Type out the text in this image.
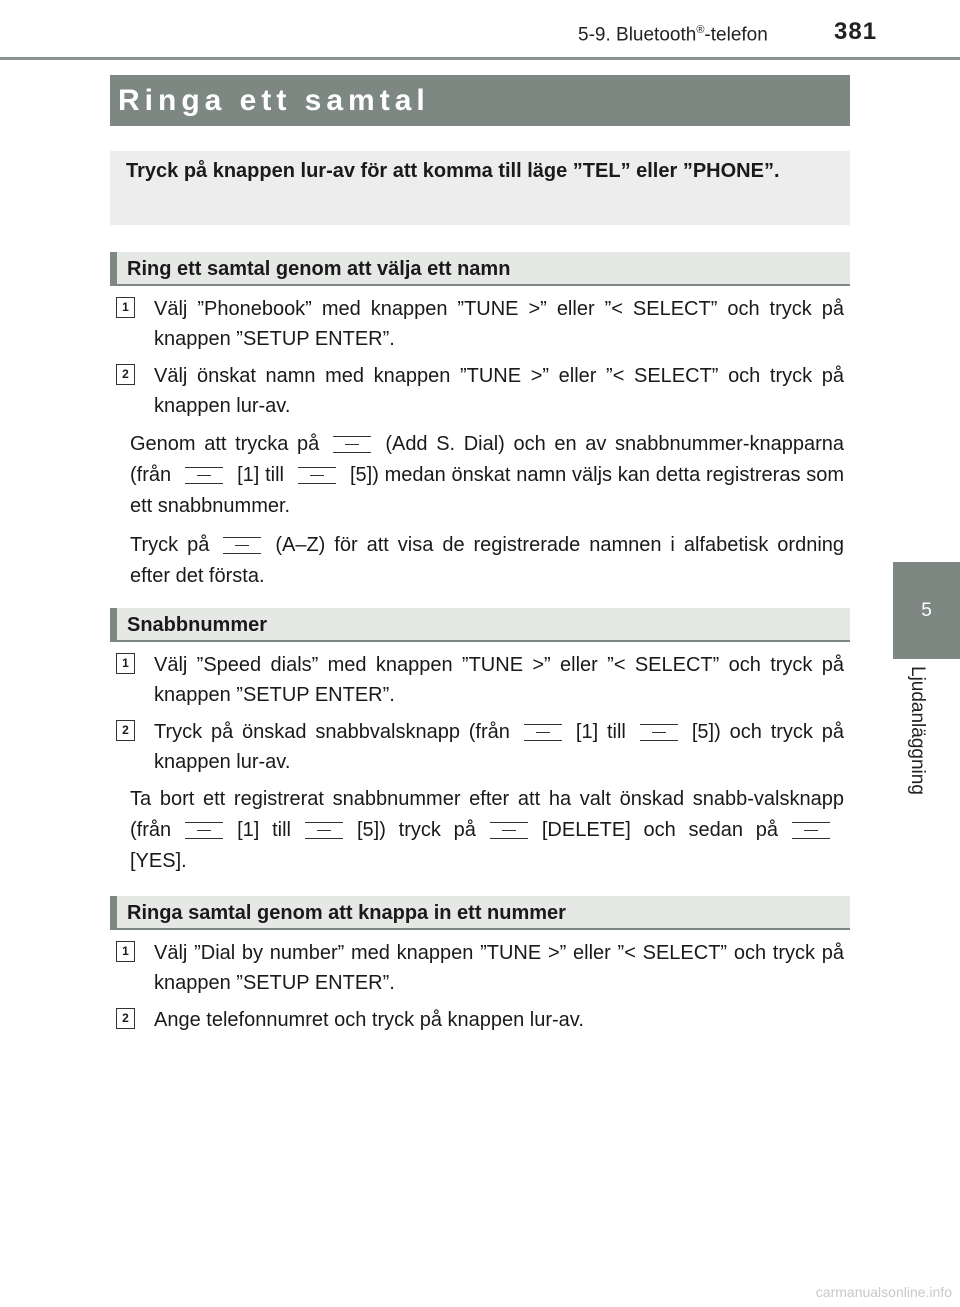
5-9. Bluetooth®-telefon	381
5
Ljudanläggning
Ringa ett samtal
Tryck på knappen lur-av för att komma till läge ”TEL” eller ”PHONE”.
Ring ett samtal genom att välja ett namn
1	Välj ”Phonebook” med knappen ”TUNE >” eller ”< SELECT” och tryck på knappen ”SETUP ENTER”.
2	Välj önskat namn med knappen ”TUNE >” eller ”< SELECT” och tryck på knappen lur-av.
Genom att trycka på	(Add S. Dial) och en av snabbnummer-knapparna (från	[1] till	[5]) medan önskat namn väljs kan detta registreras som ett snabbnummer.
Tryck på	(A–Z) för att visa de registrerade namnen i alfabetisk ordning efter det första.
Snabbnummer
1	Välj ”Speed dials” med knappen ”TUNE >” eller ”< SELECT” och tryck på knappen ”SETUP ENTER”.
2	Tryck på önskad snabbvalsknapp (från	[1] till	[5]) och tryck på knappen lur-av.
Ta bort ett registrerat snabbnummer efter att ha valt önskad snabb-valsknapp (från	[1] till	[5]) tryck på	[DELETE] och sedan på[YES].
Ringa samtal genom att knappa in ett nummer
1	Välj ”Dial by number” med knappen ”TUNE >” eller ”< SELECT” och tryck på knappen ”SETUP ENTER”.
2	Ange telefonnumret och tryck på knappen lur-av.
carmanualsonline.info
